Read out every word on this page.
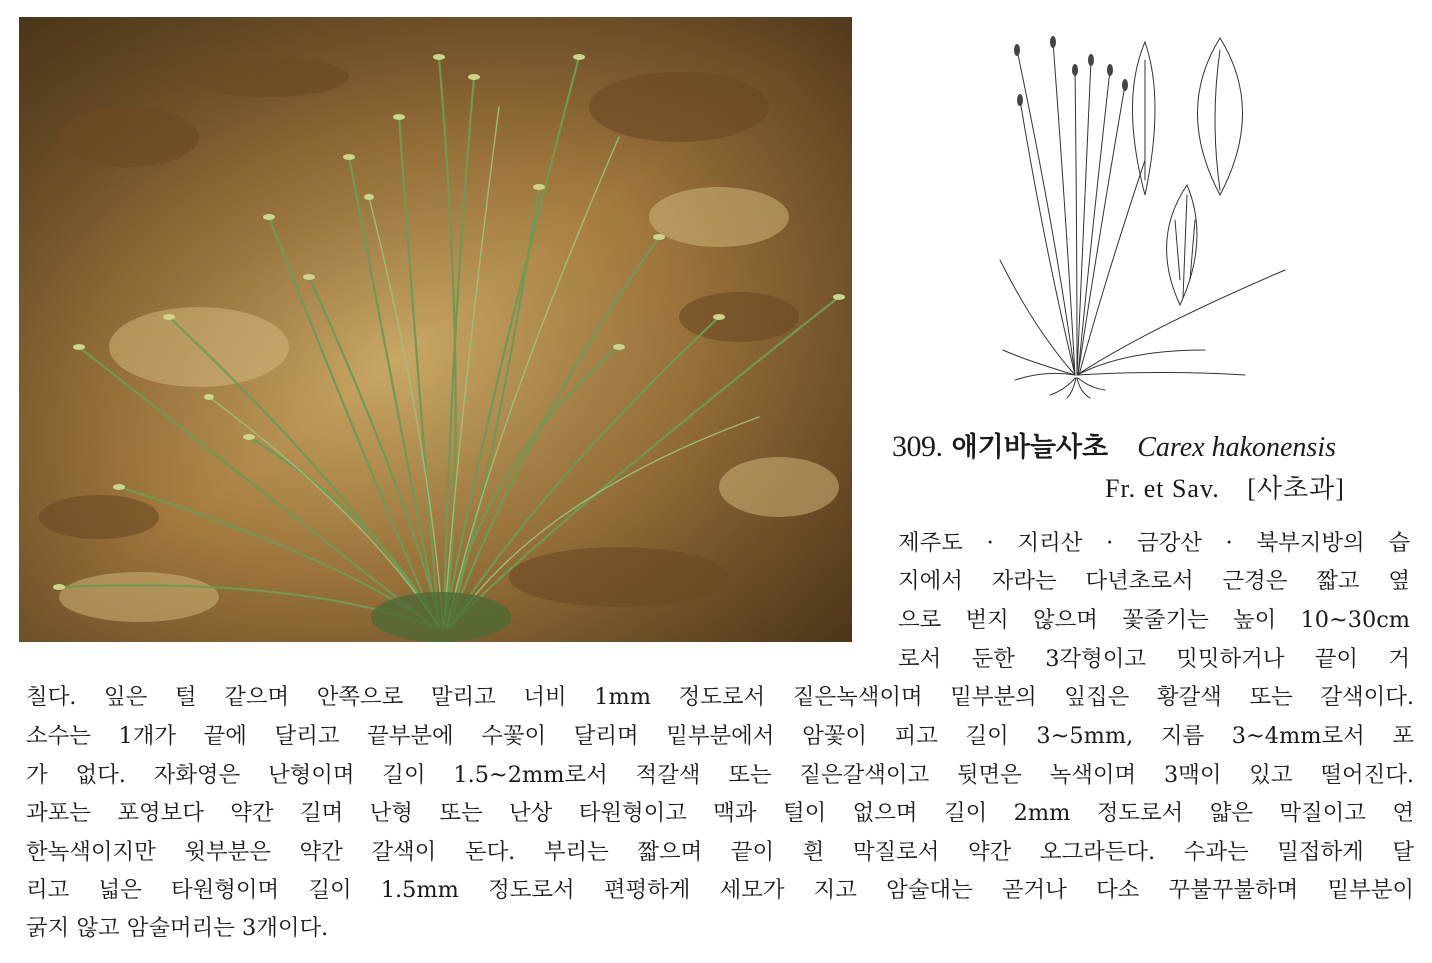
309. 애기바늘사초 Carex hakonensis
Fr. et Sav. [사초과]
제주도 · 지리산 · 금강산 · 북부지방의 습
지에서 자라는 다년초로서 근경은 짧고 옆
으로 벋지 않으며 꽃줄기는 높이 10~30cm
로서 둔한 3각형이고 밋밋하거나 끝이 거
칠다. 잎은 털 같으며 안쪽으로 말리고 너비 1mm 정도로서 짙은녹색이며 밑부분의 잎집은 황갈색 또는 갈색이다.
소수는 1개가 끝에 달리고 끝부분에 수꽃이 달리며 밑부분에서 암꽃이 피고 길이 3~5mm, 지름 3~4mm로서 포
가 없다. 자화영은 난형이며 길이 1.5~2mm로서 적갈색 또는 짙은갈색이고 뒷면은 녹색이며 3맥이 있고 떨어진다.
과포는 포영보다 약간 길며 난형 또는 난상 타원형이고 맥과 털이 없으며 길이 2mm 정도로서 얇은 막질이고 연
한녹색이지만 윗부분은 약간 갈색이 돈다. 부리는 짧으며 끝이 흰 막질로서 약간 오그라든다. 수과는 밀접하게 달
리고 넓은 타원형이며 길이 1.5mm 정도로서 편평하게 세모가 지고 암술대는 곧거나 다소 꾸불꾸불하며 밑부분이
굵지 않고 암술머리는 3개이다.
